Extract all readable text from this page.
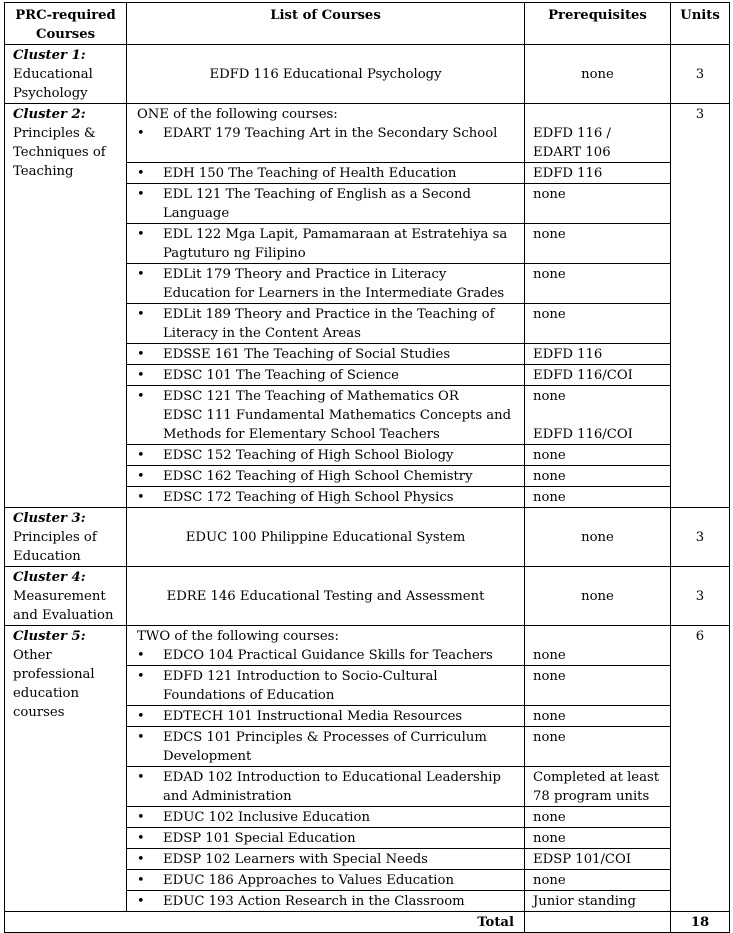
PRC-required Courses	List of Courses	Prerequisites	Units

Cluster 1:
Educational Psychology	EDFD 116 Educational Psychology	none	3

Cluster 2:
Principles & Techniques of Teaching	ONE of the following courses:
• EDART 179 Teaching Art in the Secondary School	EDFD 116 / EDART 106	3

	• EDH 150 The Teaching of Health Education	EDFD 116	

	• EDL 121 The Teaching of English as a Second Language	none	

	• EDL 122 Mga Lapit, Pamamaraan at Estratehiya sa Pagtuturo ng Filipino	none	

	• EDLit 179 Theory and Practice in Literacy Education for Learners in the Intermediate Grades	none	

	• EDLit 189 Theory and Practice in the Teaching of Literacy in the Content Areas	none	

	• EDSSE 161 The Teaching of Social Studies	EDFD 116	

	• EDSC 101 The Teaching of Science	EDFD 116/COI	

	• EDSC 121 The Teaching of Mathematics OR
EDSC 111 Fundamental Mathematics Concepts and Methods for Elementary School Teachers	none
EDFD 116/COI	

	• EDSC 152 Teaching of High School Biology	none	

	• EDSC 162 Teaching of High School Chemistry	none	

	• EDSC 172 Teaching of High School Physics	none	

Cluster 3:
Principles of Education	EDUC 100 Philippine Educational System	none	3

Cluster 4:
Measurement and Evaluation	EDRE 146 Educational Testing and Assessment	none	3

Cluster 5:
Other professional education courses	TWO of the following courses:
• EDCO 104 Practical Guidance Skills for Teachers	none	6

	• EDFD 121 Introduction to Socio-Cultural Foundations of Education	none	

	• EDTECH 101 Instructional Media Resources	none	

	• EDCS 101 Principles & Processes of Curriculum Development	none	

	• EDAD 102 Introduction to Educational Leadership and Administration	Completed at least 78 program units	

	• EDUC 102 Inclusive Education	none	

	• EDSP 101 Special Education	none	

	• EDSP 102 Learners with Special Needs	EDSP 101/COI	

	• EDUC 186 Approaches to Values Education	none	

	• EDUC 193 Action Research in the Classroom	Junior standing	
Total			18
